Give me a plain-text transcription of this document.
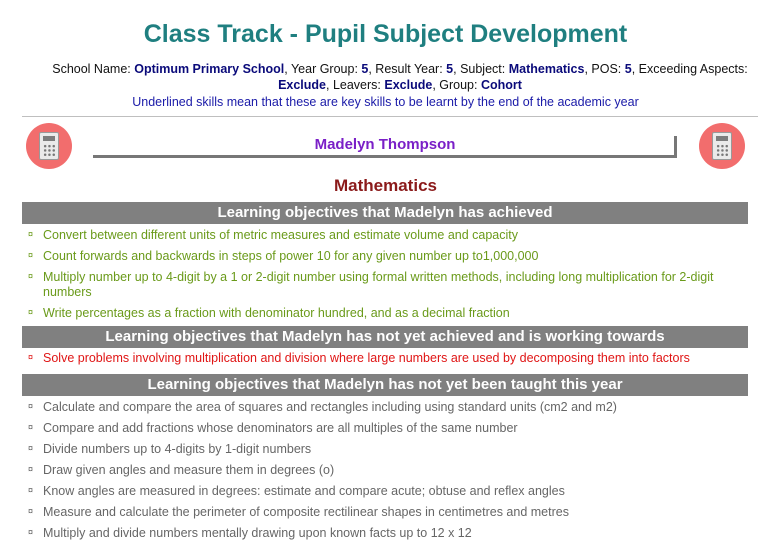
Class Track - Pupil Subject Development
School Name: Optimum Primary School, Year Group: 5, Result Year: 5, Subject: Mathematics, POS: 5, Exceeding Aspects: Exclude, Leavers: Exclude, Group: Cohort
Underlined skills mean that these are key skills to be learnt by the end of the academic year
Madelyn Thompson
Mathematics
Learning objectives that Madelyn has achieved
¤ Convert between different units of metric measures and estimate volume and capacity
¤ Count forwards and backwards in steps of power 10 for any given number up to1,000,000
¤ Multiply number up to 4-digit by a 1 or 2-digit number using formal written methods, including long multiplication for 2-digit numbers
¤ Write percentages as a fraction with denominator hundred, and as a decimal fraction
Learning objectives that Madelyn has not yet achieved and is working towards
¤ Solve problems involving multiplication and division where large numbers are used by decomposing them into factors
Learning objectives that Madelyn has not yet been taught this year
¤ Calculate and compare the area of squares and rectangles including using standard units (cm2 and m2)
¤ Compare and add fractions whose denominators are all multiples of the same number
¤ Divide numbers up to 4-digits by 1-digit numbers
¤ Draw given angles and measure them in degrees (o)
¤ Know angles are measured in degrees: estimate and compare acute; obtuse and reflex angles
¤ Measure and calculate the perimeter of composite rectilinear shapes in centimetres and metres
¤ Multiply and divide numbers mentally drawing upon known facts up to 12 x 12
